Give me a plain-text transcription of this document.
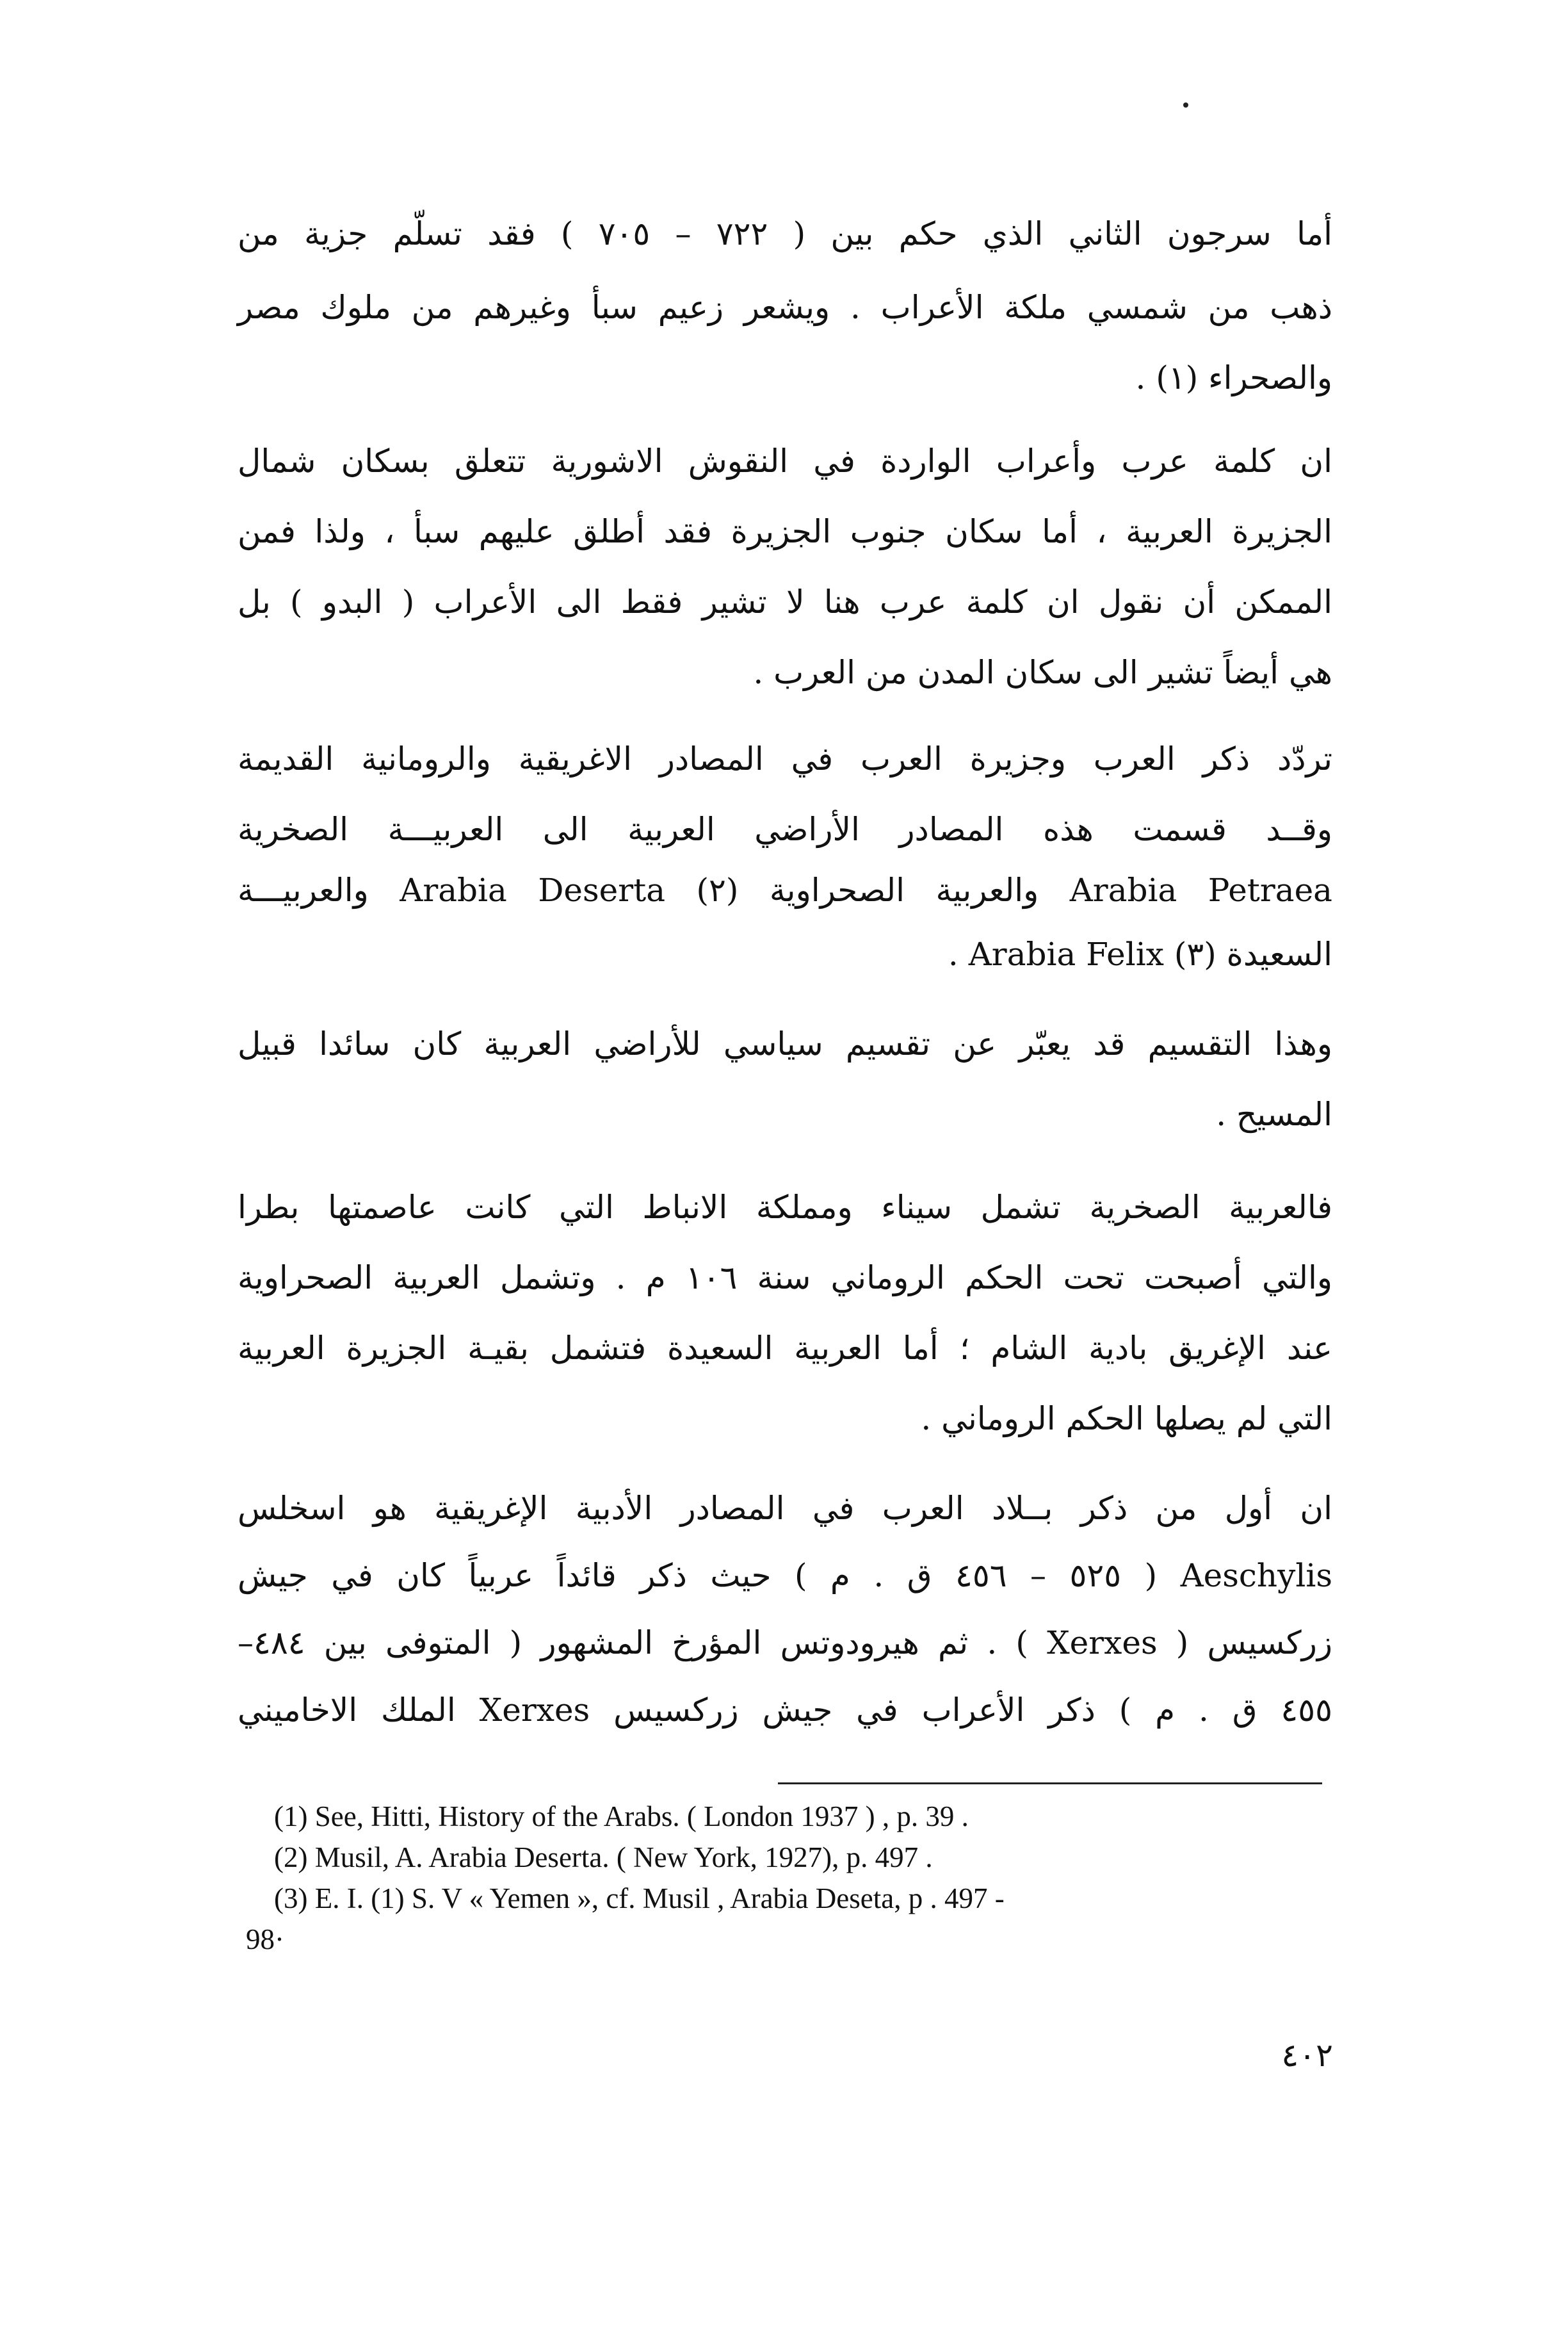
أما سرجون الثاني الذي حكم بين ( ٧٢٢ – ٧٠٥ ) فقد تسلّم جزية من
ذهب من شمسي ملكة الأعراب . ويشعر زعيم سبأ وغيرهم من ملوك مصر
والصحراء (١) .
ان كلمة عرب وأعراب الواردة في النقوش الاشورية تتعلق بسكان شمال
الجزيرة العربية ، أما سكان جنوب الجزيرة فقد أطلق عليهم سبأ ، ولذا فمن
الممكن أن نقول ان كلمة عرب هنا لا تشير فقط الى الأعراب ( البدو ) بل
هي أيضاً تشير الى سكان المدن من العرب .
تردّد ذكر العرب وجزيرة العرب في المصادر الاغريقية والرومانية القديمة
وقــد قسمت هذه المصادر الأراضي العربية الى العربيـــة الصخرية
Arabia Petraea والعربية الصحراوية (٢) Arabia Deserta والعربيـــة
السعيدة (٣) Arabia Felix .
وهذا التقسيم قد يعبّر عن تقسيم سياسي للأراضي العربية كان سائدا قبيل
المسيح .
فالعربية الصخرية تشمل سيناء ومملكة الانباط التي كانت عاصمتها بطرا
والتي أصبحت تحت الحكم الروماني سنة ١٠٦ م . وتشمل العربية الصحراوية
عند الإغريق بادية الشام ؛ أما العربية السعيدة فتشمل بقيـة الجزيرة العربية
التي لم يصلها الحكم الروماني .
ان أول من ذكر بــلاد العرب في المصادر الأدبية الإغريقية هو اسخلس
Aeschylis ( ٥٢٥ – ٤٥٦ ق . م ) حيث ذكر قائداً عربياً كان في جيش
زركسيس ( Xerxes ) . ثم هيرودوتس المؤرخ المشهور ( المتوفى بين ٤٨٤–
٤٥٥ ق . م ) ذكر الأعراب في جيش زركسيس Xerxes الملك الاخاميني
(1) See, Hitti, History of the Arabs. ( London 1937 ) , p. 39 .
(2) Musil, A. Arabia Deserta. ( New York, 1927), p. 497 .
(3) E. I. (1) S. V « Yemen », cf. Musil , Arabia Deseta, p . 497 -
98·
٤٠٢
